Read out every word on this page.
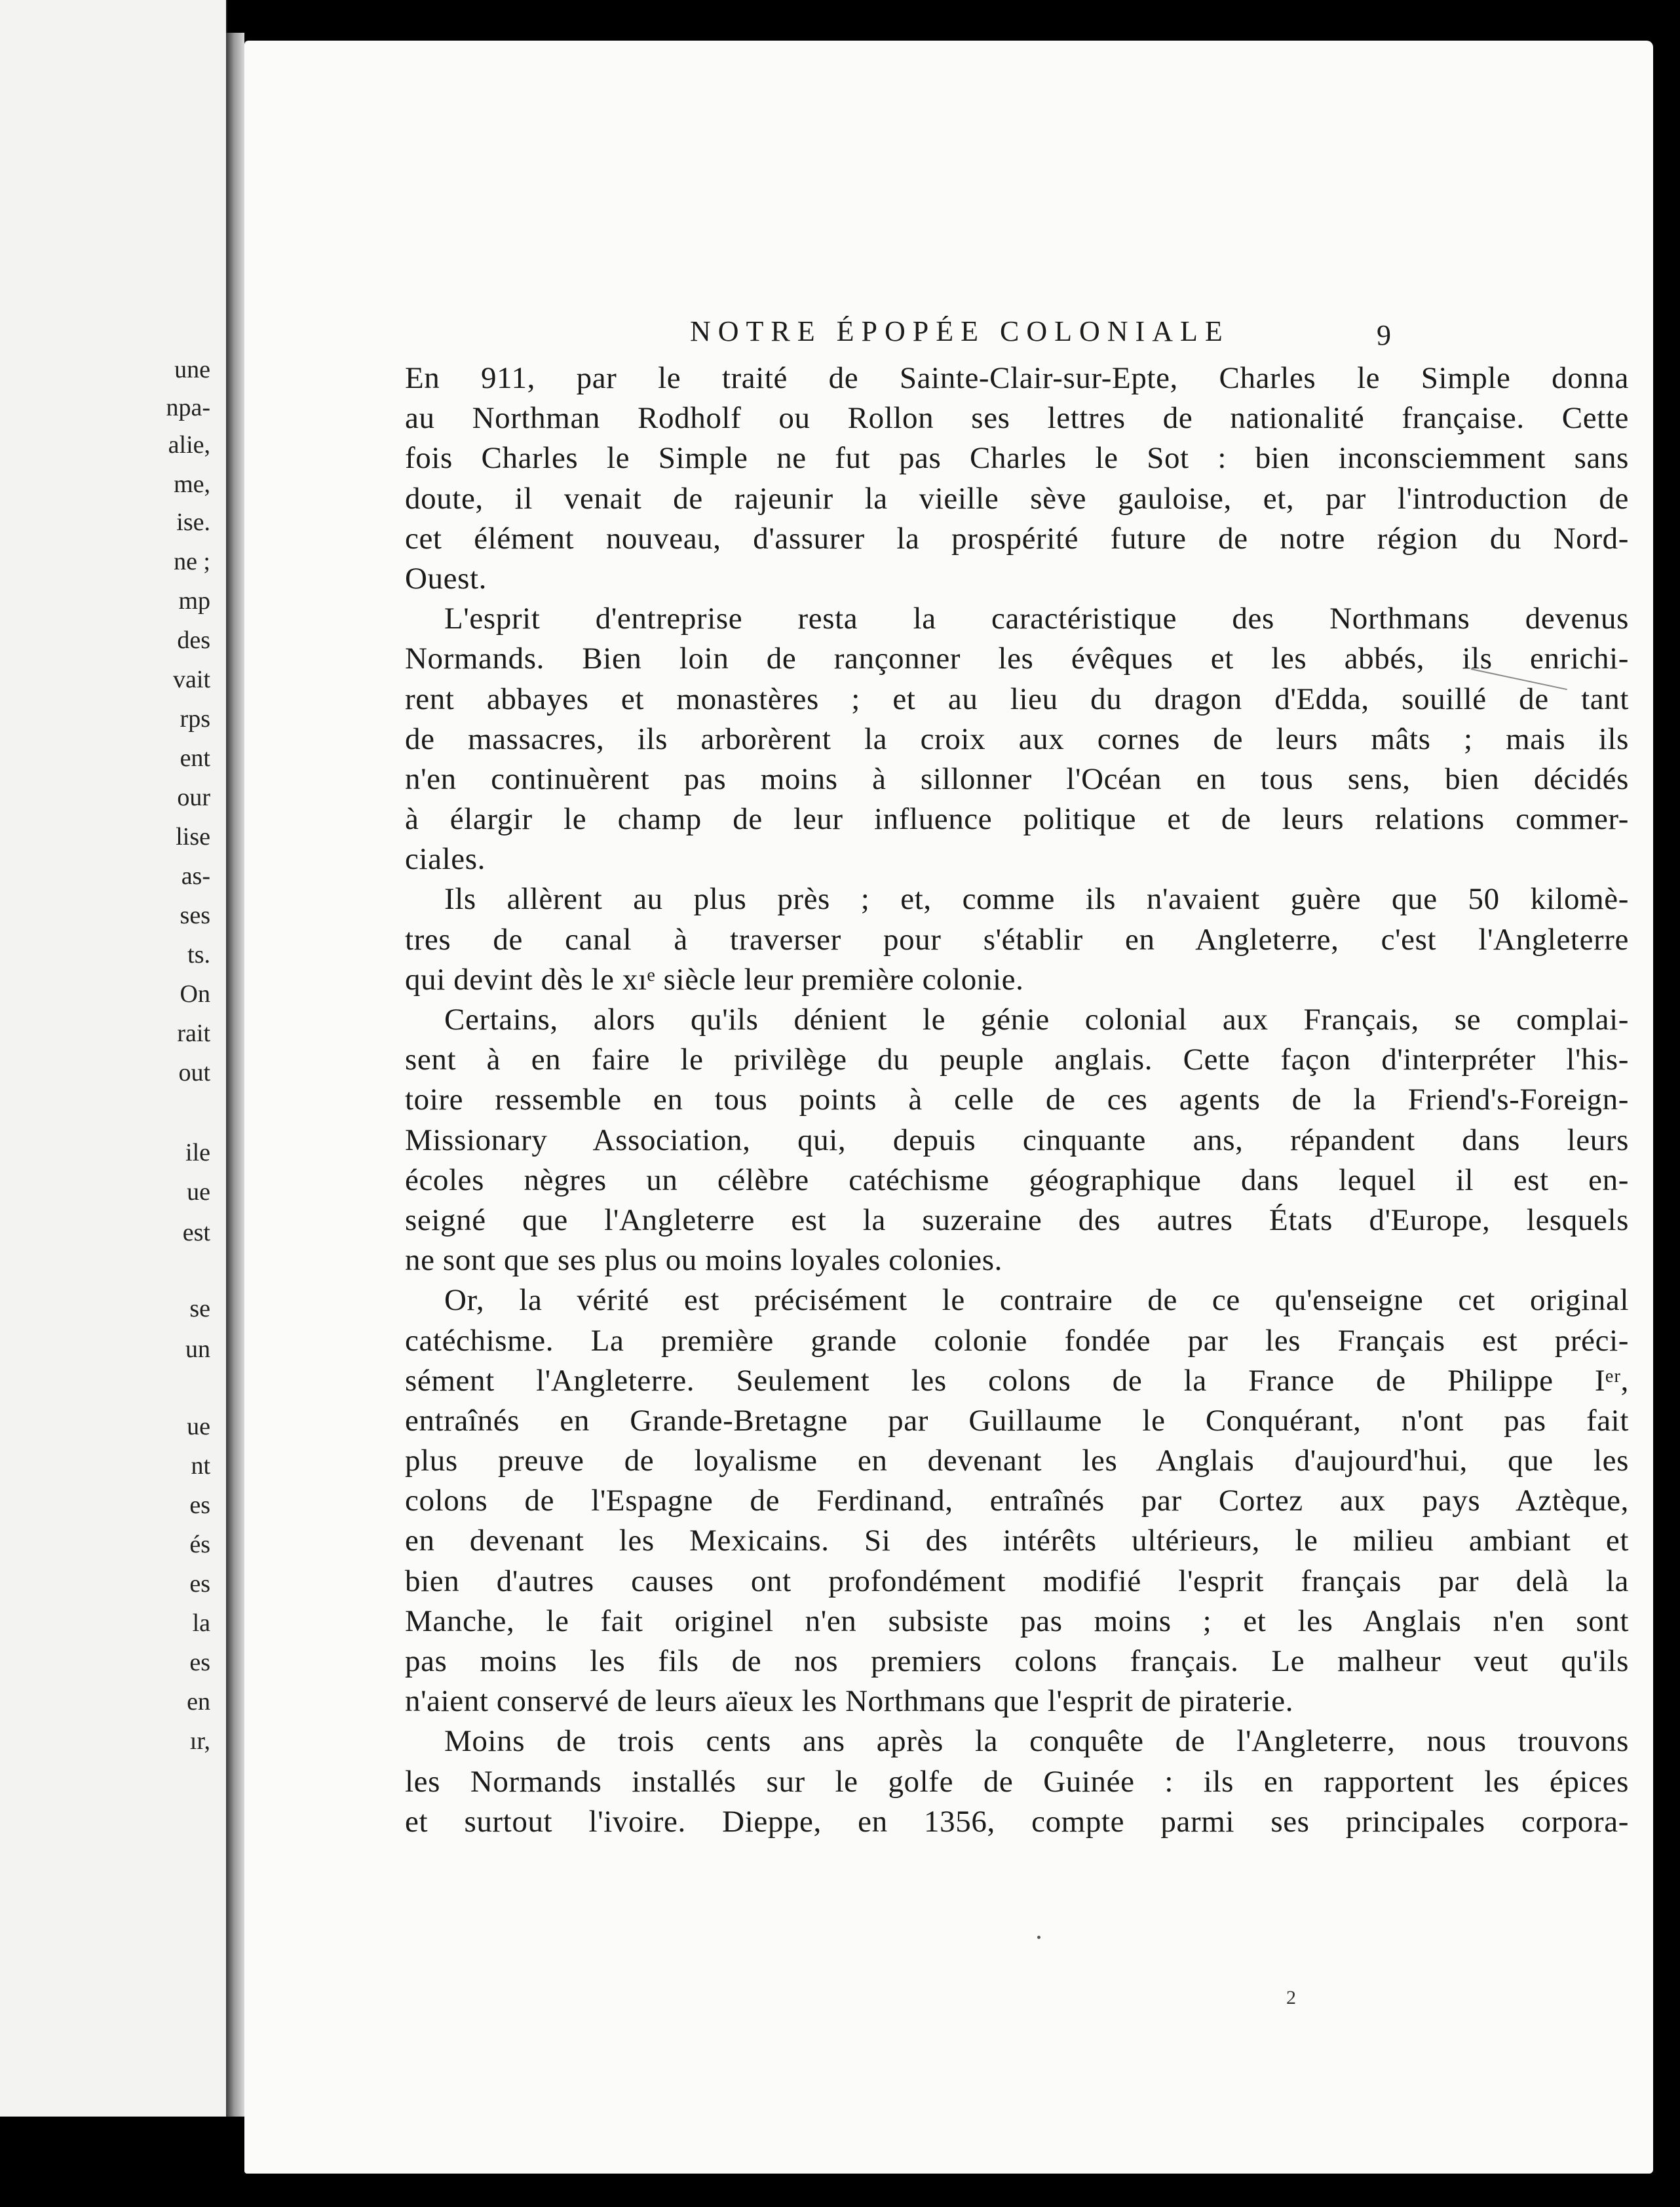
une
npa-
alie,
me,
ise.
ne ;
mp
des
vait
rps
ent
our
lise
as-
ses
ts.
On
rait
out
ile
ue
est
se
un
ue
nt
es
és
es
la
es
en
ır,
NOTRE ÉPOPÉE COLONIALE	9
En 911, par le traité de Sainte-Clair-sur-Epte, Charles le Simple donna
au Northman Rodholf ou Rollon ses lettres de nationalité française. Cette
fois Charles le Simple ne fut pas Charles le Sot : bien inconsciemment sans
doute, il venait de rajeunir la vieille sève gauloise, et, par l'introduction de
cet élément nouveau, d'assurer la prospérité future de notre région du Nord-
Ouest.
L'esprit d'entreprise resta la caractéristique des Northmans devenus
Normands. Bien loin de rançonner les évêques et les abbés, ils enrichi-
rent abbayes et monastères ; et au lieu du dragon d'Edda, souillé de tant
de massacres, ils arborèrent la croix aux cornes de leurs mâts ; mais ils
n'en continuèrent pas moins à sillonner l'Océan en tous sens, bien décidés
à élargir le champ de leur influence politique et de leurs relations commer-
ciales.
Ils allèrent au plus près ; et, comme ils n'avaient guère que 50 kilomè-
tres de canal à traverser pour s'établir en Angleterre, c'est l'Angleterre
qui devint dès le xıᵉ siècle leur première colonie.
Certains, alors qu'ils dénient le génie colonial aux Français, se complai-
sent à en faire le privilège du peuple anglais. Cette façon d'interpréter l'his-
toire ressemble en tous points à celle de ces agents de la Friend's-Foreign-
Missionary Association, qui, depuis cinquante ans, répandent dans leurs
écoles nègres un célèbre catéchisme géographique dans lequel il est en-
seigné que l'Angleterre est la suzeraine des autres États d'Europe, lesquels
ne sont que ses plus ou moins loyales colonies.
Or, la vérité est précisément le contraire de ce qu'enseigne cet original
catéchisme. La première grande colonie fondée par les Français est préci-
sément l'Angleterre. Seulement les colons de la France de Philippe Iᵉʳ,
entraînés en Grande-Bretagne par Guillaume le Conquérant, n'ont pas fait
plus preuve de loyalisme en devenant les Anglais d'aujourd'hui, que les
colons de l'Espagne de Ferdinand, entraînés par Cortez aux pays Aztèque,
en devenant les Mexicains. Si des intérêts ultérieurs, le milieu ambiant et
bien d'autres causes ont profondément modifié l'esprit français par delà la
Manche, le fait originel n'en subsiste pas moins ; et les Anglais n'en sont
pas moins les fils de nos premiers colons français. Le malheur veut qu'ils
n'aient conservé de leurs aïeux les Northmans que l'esprit de piraterie.
Moins de trois cents ans après la conquête de l'Angleterre, nous trouvons
les Normands installés sur le golfe de Guinée : ils en rapportent les épices
et surtout l'ivoire. Dieppe, en 1356, compte parmi ses principales corpora-
2
